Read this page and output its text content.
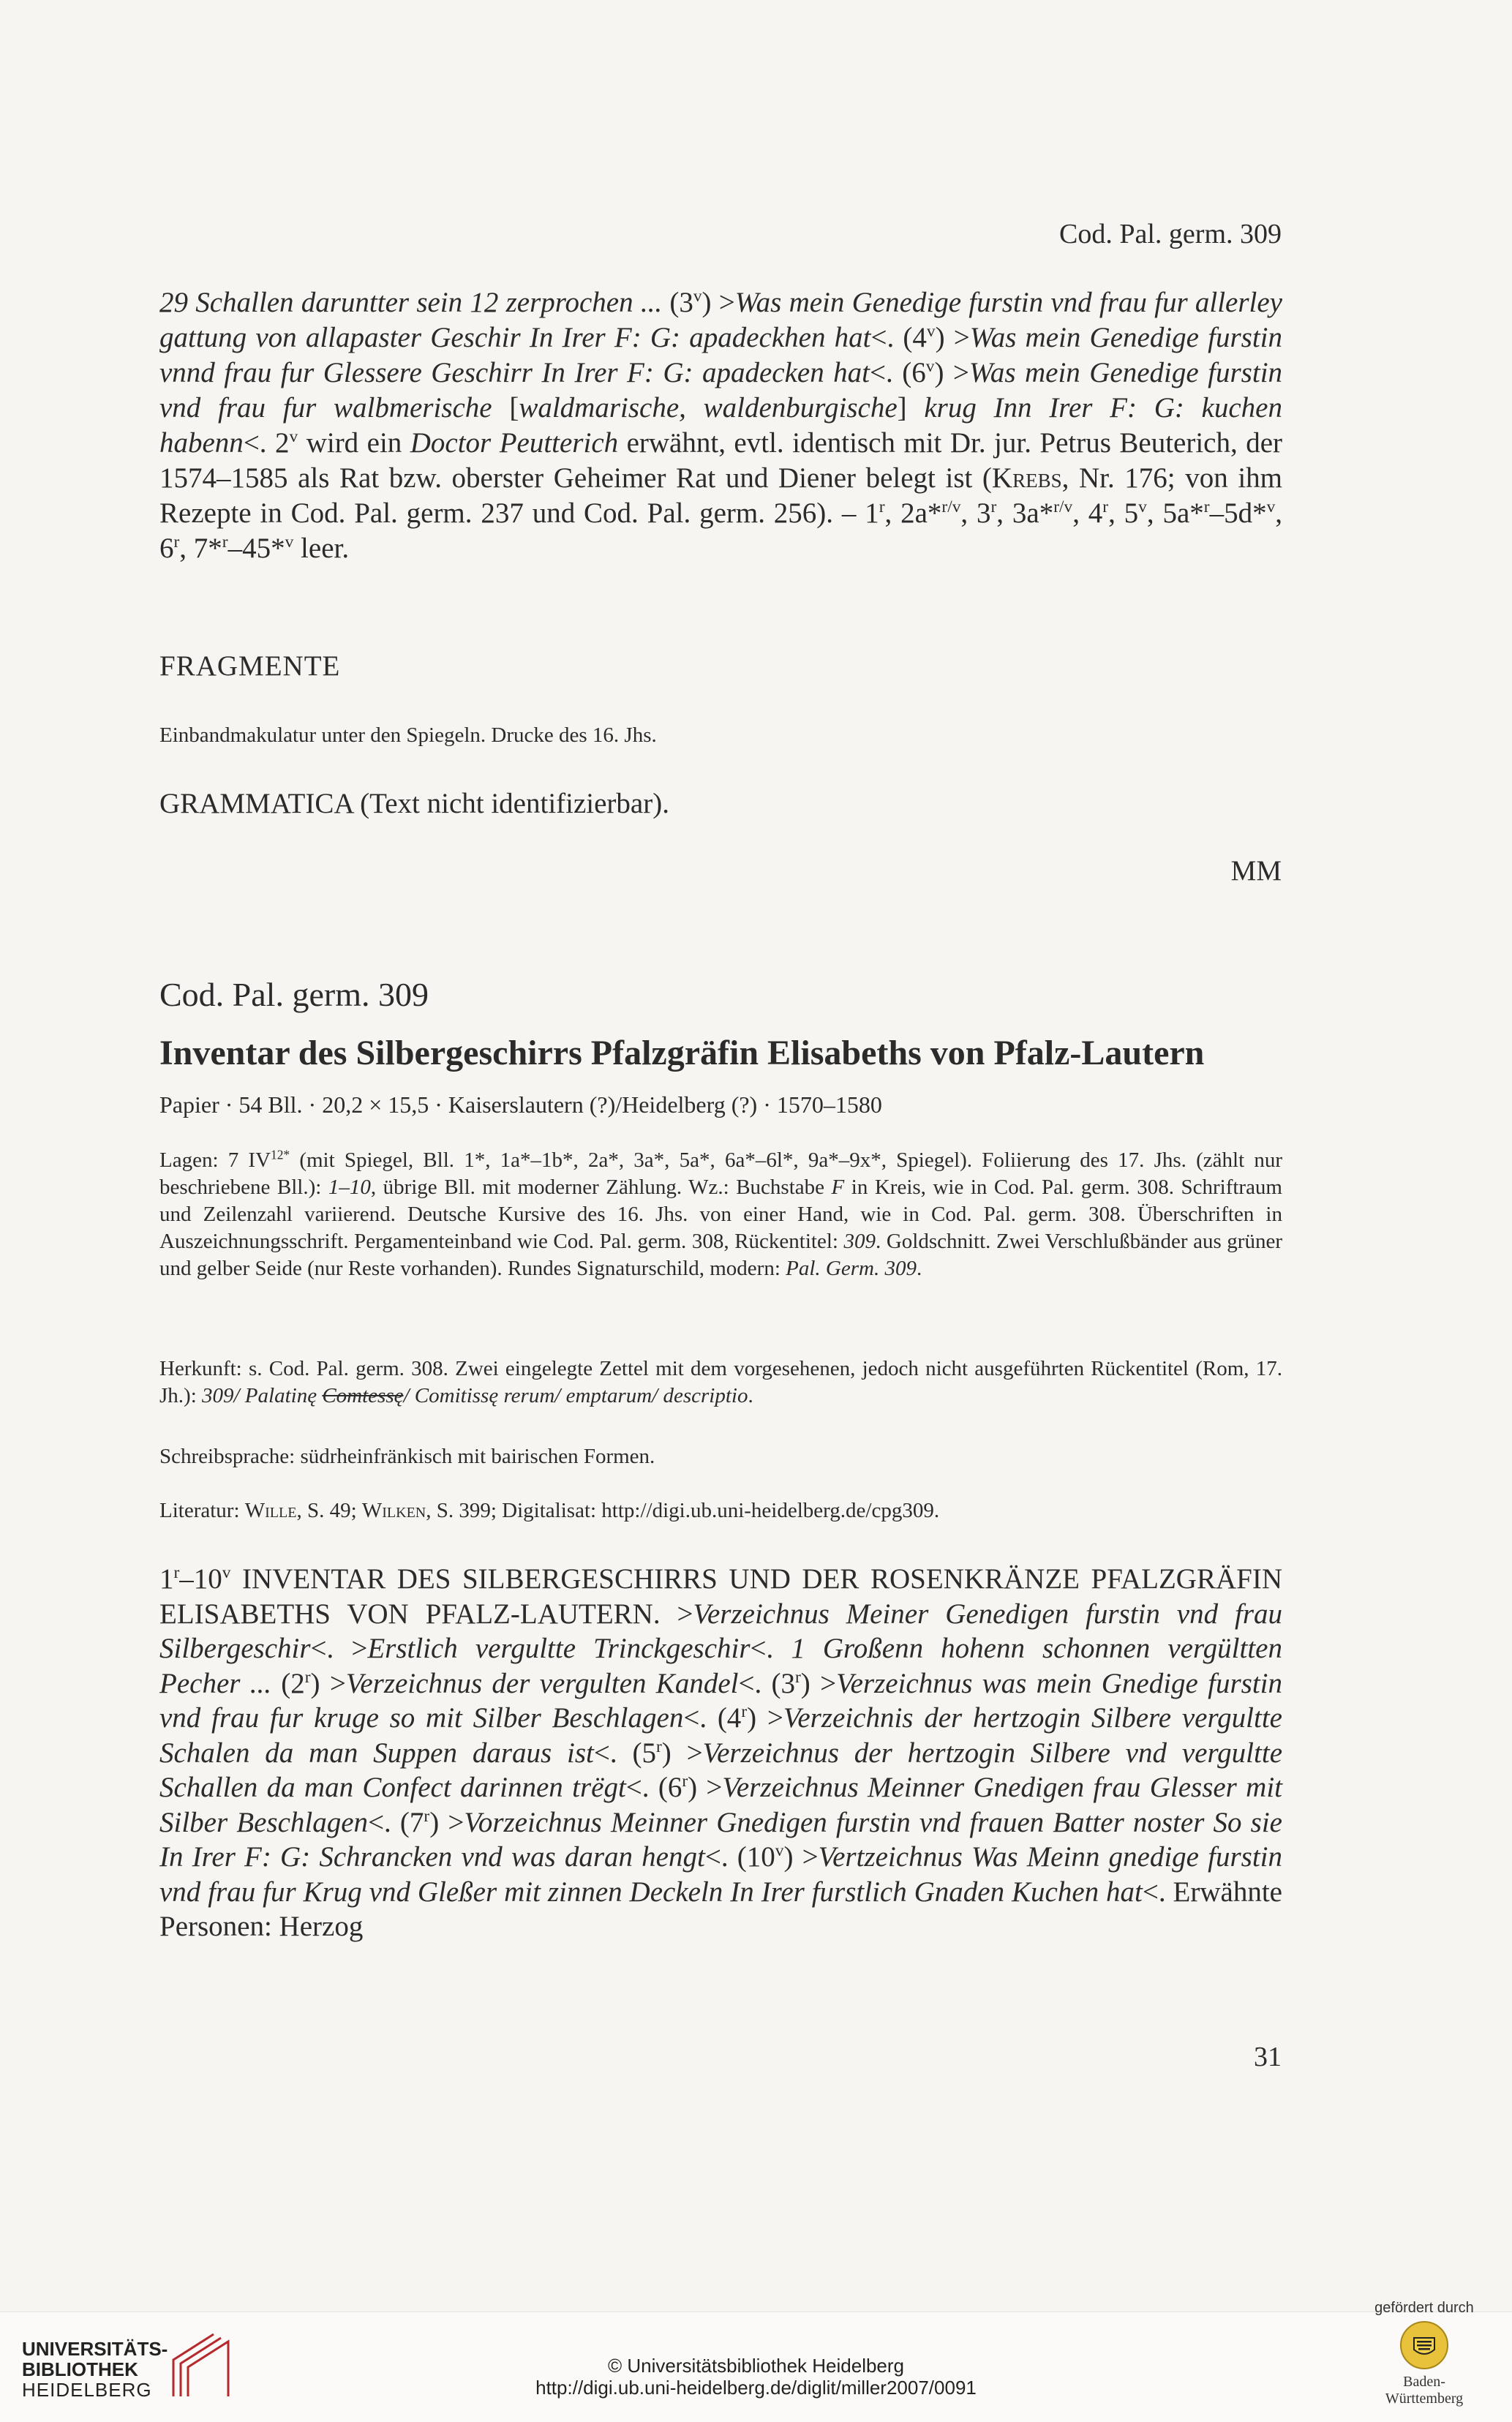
Cod. Pal. germ. 309
29 Schallen daruntter sein 12 zerprochen ... $(3^v) >Was$ mein Genedige furstin vnd frau fur allerley gattung von allapaster Geschir In Irer F: G: apadeckhen hat<. $(4^v) >Was$ mein Genedige furstin vnnd frau fur Glessere Geschirr In Irer F: G: apadecken hat<. $(6^v) >Was$ mein Genedige furstin vnd frau fur walbmerische [waldmarische, waldenburgische] krug Inn Irer F: G: kuchen habenn<. 2$^v$ wird ein Doctor Peutterich erwähnt, evtl. identisch mit Dr. jur. Petrus Beuterich, der 1574–1585 als Rat bzw. oberster Geheimer Rat und Diener belegt ist (Krebs, Nr. 176; von ihm Rezepte in Cod. Pal. germ. 237 und Cod. Pal. germ. 256). – 1$^r$, 2a*$^{r/v}$, 3$^r$, 3a*$^{r/v}$, 4$^r$, 5$^v$, 5a*$^r$–5d*$^v$, 6$^r$, 7*$^r$–45*$^v$ leer.
FRAGMENTE
Einbandmakulatur unter den Spiegeln. Drucke des 16. Jhs.
GRAMMATICA (Text nicht identifizierbar).
MM
Cod. Pal. germ. 309
Inventar des Silbergeschirrs Pfalzgräfin Elisabeths von Pfalz-Lautern
Papier · 54 Bll. · 20,2 × 15,5 · Kaiserslautern (?)/Heidelberg (?) · 1570–1580
Lagen: 7 $IV^{12*}$ (mit Spiegel, Bll. 1*, 1a*–1b*, 2a*, 3a*, 5a*, 6a*–6l*, 9a*–9x*, Spiegel). Foliierung des 17. Jhs. (zählt nur beschriebene Bll.): 1–10, übrige Bll. mit moderner Zählung. Wz.: Buchstabe F in Kreis, wie in Cod. Pal. germ. 308. Schriftraum und Zeilenzahl variierend. Deutsche Kursive des 16. Jhs. von einer Hand, wie in Cod. Pal. germ. 308. Überschriften in Auszeichnungsschrift. Pergamenteinband wie Cod. Pal. germ. 308, Rückentitel: 309. Goldschnitt. Zwei Verschlußbänder aus grüner und gelber Seide (nur Reste vorhanden). Rundes Signaturschild, modern: Pal. Germ. 309.
Herkunft: s. Cod. Pal. germ. 308. Zwei eingelegte Zettel mit dem vorgesehenen, jedoch nicht ausgeführten Rückentitel (Rom, 17. Jh.): 309/ Palatinę Comtessę/ Comitissę rerum/ emptarum/ descriptio.
Schreibsprache: südrheinfränkisch mit bairischen Formen.
Literatur: Wille, S. 49; Wilken, S. 399; Digitalisat: http://digi.ub.uni-heidelberg.de/cpg309.
1$^r$–10$^v$ INVENTAR DES SILBERGESCHIRRS UND DER ROSENKRÄNZE PFALZGRÄFIN ELISABETHS VON PFALZ-LAUTERN. >Verzeichnus Meiner Genedigen furstin vnd frau Silbergeschir<. >Erstlich vergultte Trinckgeschir<. 1 Großenn hohenn schonnen vergültten Pecher ... $(2^r)$ >Verzeichnus der vergulten Kandel<. $(3^r)$ >Verzeichnus was mein Gnedige furstin vnd frau fur kruge so mit Silber Beschlagen<. $(4^r)$ >Verzeichnis der hertzogin Silbere vergultte Schalen da man Suppen daraus ist<. $(5^r)$ >Verzeichnus der hertzogin Silbere vnd vergultte Schallen da man Confect darinnen trëgt<. $(6^r)$ >Verzeichnus Meinner Gnedigen frau Glesser mit Silber Beschlagen<. $(7^r)$ >Vorzeichnus Meinner Gnedigen furstin vnd frauen Batter noster So sie In Irer F: G: Schrancken vnd was daran hengt<. $(10^v)$ >Vertzeichnus Was Meinn gnedige furstin vnd frau fur Krug vnd Gleßer mit zinnen Deckeln In Irer furstlich Gnaden Kuchen hat<. Erwähnte Personen: Herzog
31
UNIVERSITÄTS-
BIBLIOTHEK
HEIDELBERG
© Universitätsbibliothek Heidelberg
http://digi.ub.uni-heidelberg.de/diglit/miller2007/0091
gefördert durch
Baden-Württemberg
